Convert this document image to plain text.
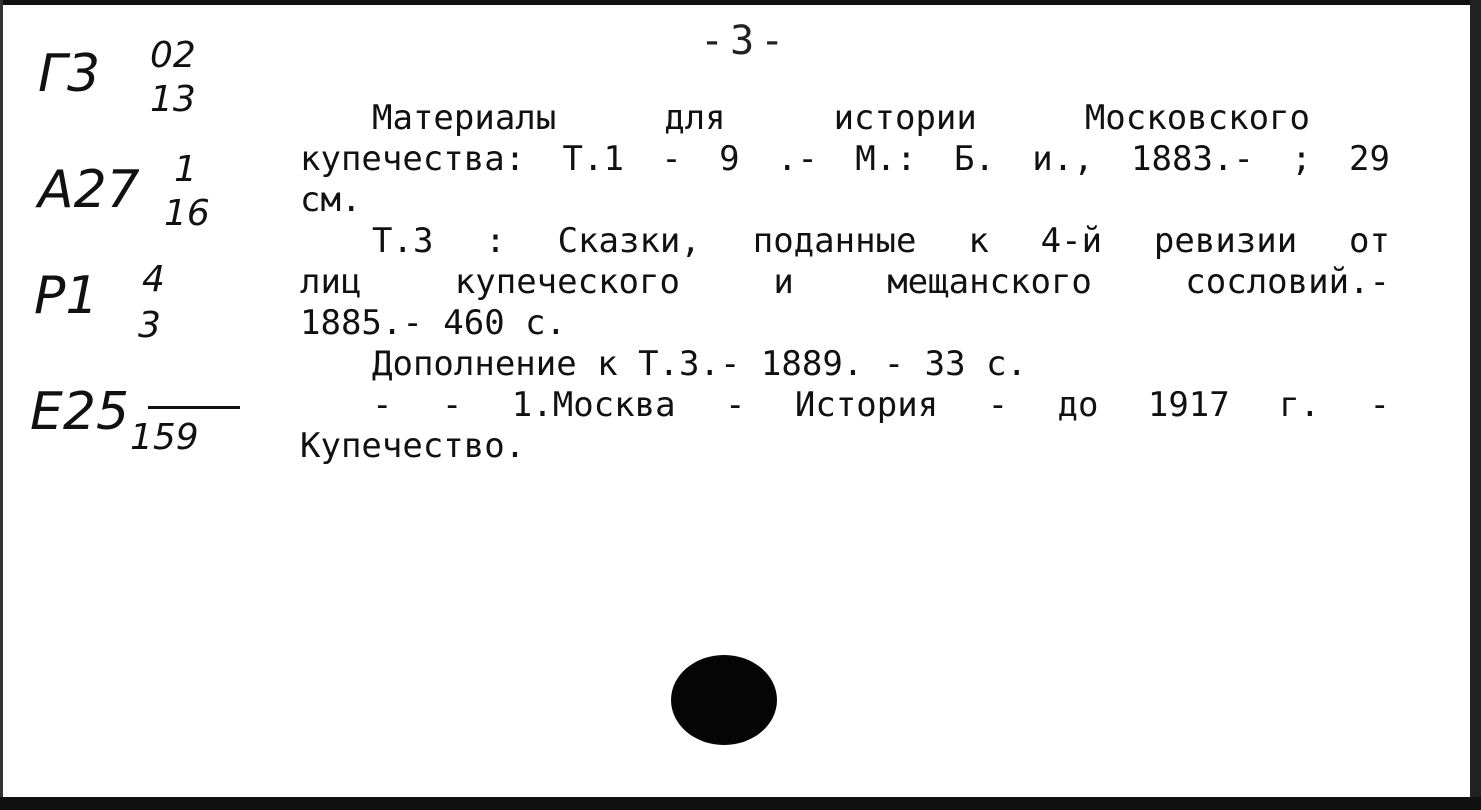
Г3 02
13
А27 1
16
Р1 4
3
Е25 159
-3-
Материалы для истории Московского
купечества: Т.1 - 9 .- М.: Б. и., 1883.- ; 29
см.
Т.3 : Сказки, поданные к 4-й ревизии от
лиц купеческого и мещанского сословий.-
1885.- 460 с.
Дополнение к Т.3.- 1889. - 33 с.
- - 1.Москва - История - до 1917 г. -
Купечество.
